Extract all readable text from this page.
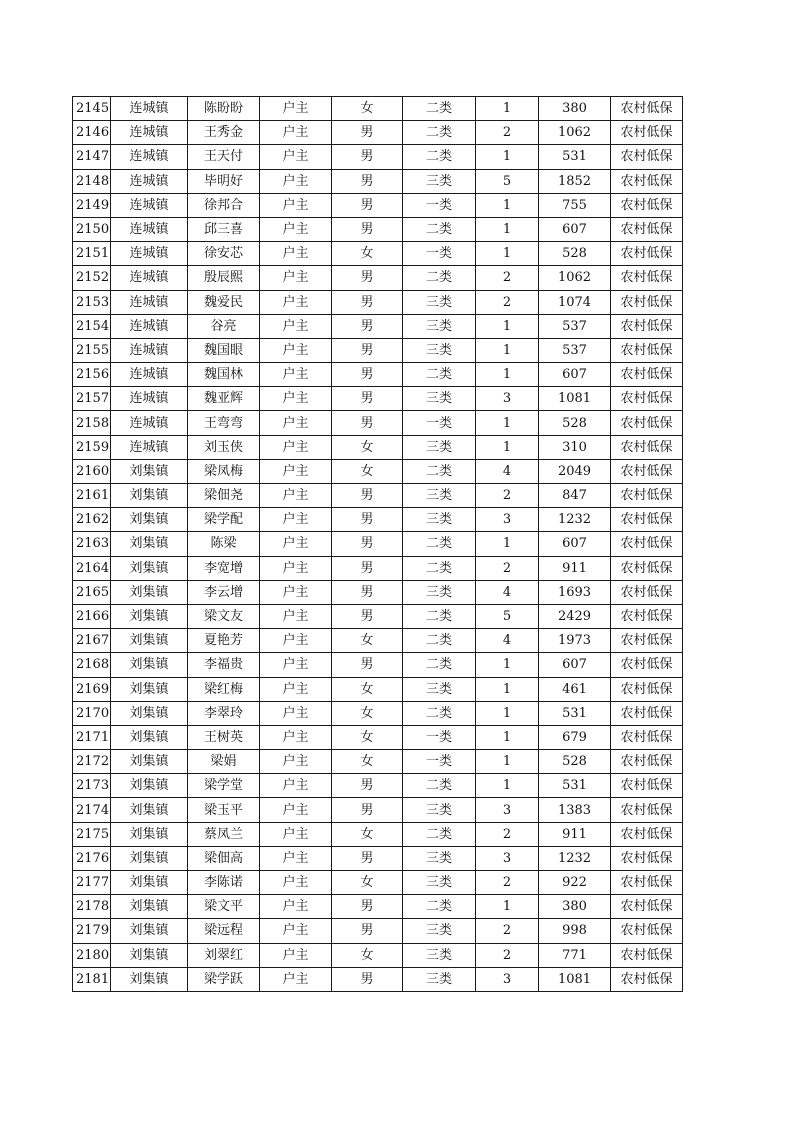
2145	连城镇	陈盼盼	户主	女	二类	1	380	农村低保
2146	连城镇	王秀金	户主	男	二类	2	1062	农村低保
2147	连城镇	王天付	户主	男	二类	1	531	农村低保
2148	连城镇	毕明好	户主	男	三类	5	1852	农村低保
2149	连城镇	徐邦合	户主	男	一类	1	755	农村低保
2150	连城镇	邱三喜	户主	男	二类	1	607	农村低保
2151	连城镇	徐安芯	户主	女	一类	1	528	农村低保
2152	连城镇	殷辰熙	户主	男	二类	2	1062	农村低保
2153	连城镇	魏爱民	户主	男	三类	2	1074	农村低保
2154	连城镇	谷亮	户主	男	三类	1	537	农村低保
2155	连城镇	魏国眼	户主	男	三类	1	537	农村低保
2156	连城镇	魏国林	户主	男	二类	1	607	农村低保
2157	连城镇	魏亚辉	户主	男	三类	3	1081	农村低保
2158	连城镇	王弯弯	户主	男	一类	1	528	农村低保
2159	连城镇	刘玉侠	户主	女	三类	1	310	农村低保
2160	刘集镇	梁凤梅	户主	女	二类	4	2049	农村低保
2161	刘集镇	梁佃尧	户主	男	三类	2	847	农村低保
2162	刘集镇	梁学配	户主	男	三类	3	1232	农村低保
2163	刘集镇	陈梁	户主	男	二类	1	607	农村低保
2164	刘集镇	李宽增	户主	男	二类	2	911	农村低保
2165	刘集镇	李云增	户主	男	三类	4	1693	农村低保
2166	刘集镇	梁文友	户主	男	二类	5	2429	农村低保
2167	刘集镇	夏艳芳	户主	女	二类	4	1973	农村低保
2168	刘集镇	李福贵	户主	男	二类	1	607	农村低保
2169	刘集镇	梁红梅	户主	女	三类	1	461	农村低保
2170	刘集镇	李翠玲	户主	女	二类	1	531	农村低保
2171	刘集镇	王树英	户主	女	一类	1	679	农村低保
2172	刘集镇	梁娟	户主	女	一类	1	528	农村低保
2173	刘集镇	梁学堂	户主	男	二类	1	531	农村低保
2174	刘集镇	梁玉平	户主	男	三类	3	1383	农村低保
2175	刘集镇	蔡凤兰	户主	女	二类	2	911	农村低保
2176	刘集镇	梁佃高	户主	男	三类	3	1232	农村低保
2177	刘集镇	李陈诺	户主	女	三类	2	922	农村低保
2178	刘集镇	梁文平	户主	男	二类	1	380	农村低保
2179	刘集镇	梁远程	户主	男	三类	2	998	农村低保
2180	刘集镇	刘翠红	户主	女	三类	2	771	农村低保
2181	刘集镇	梁学跃	户主	男	三类	3	1081	农村低保
